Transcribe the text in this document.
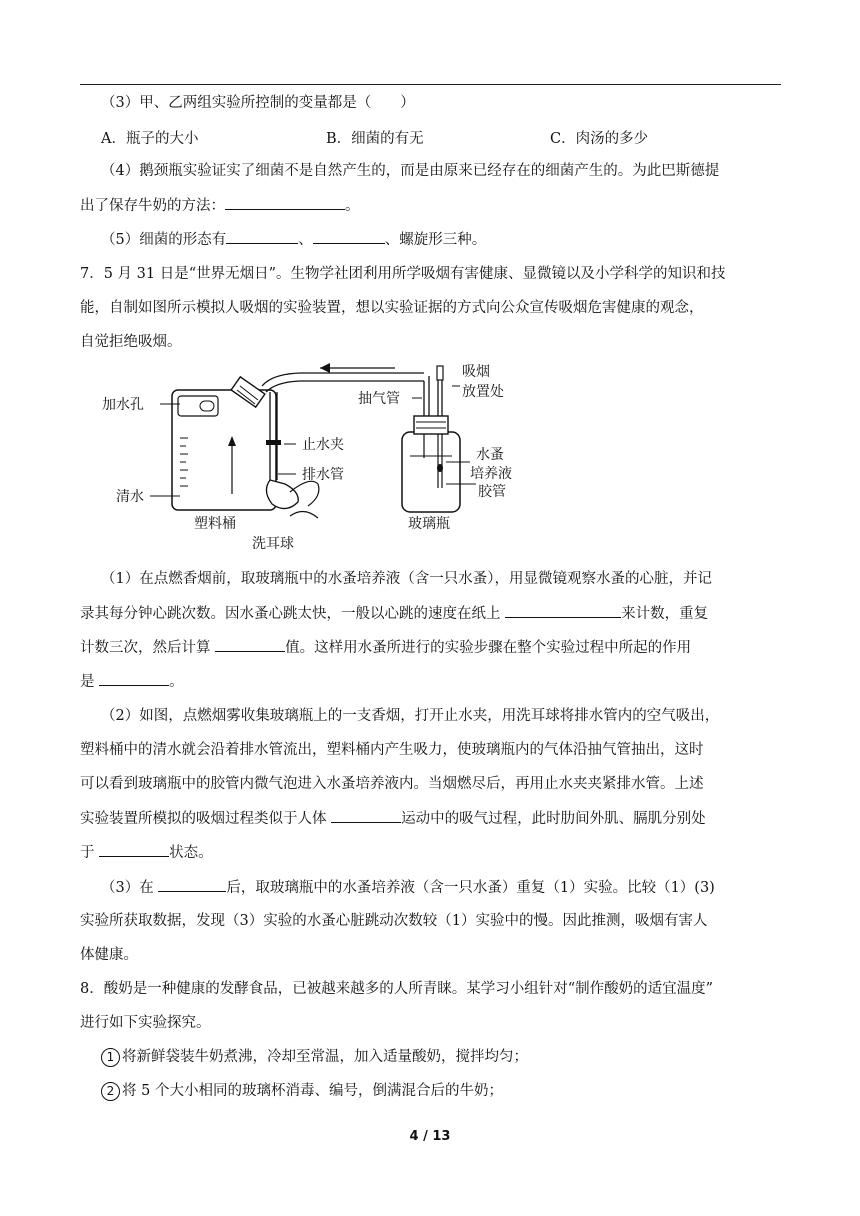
（3）甲、乙两组实验所控制的变量都是（　　）
A．瓶子的大小	B．细菌的有无	C．肉汤的多少
（4）鹅颈瓶实验证实了细菌不是自然产生的，而是由原来已经存在的细菌产生的。为此巴斯德提
出了保存牛奶的方法：	。
（5）细菌的形态有	、	、螺旋形三种。
7．5 月 31 日是“世界无烟日”。生物学社团利用所学吸烟有害健康、显微镜以及小学科学的知识和技
能，自制如图所示模拟人吸烟的实验装置，想以实验证据的方式向公众宣传吸烟危害健康的观念，
自觉拒绝吸烟。
加水孔
清水
塑料桶
止水夹
排水管
洗耳球
抽气管
吸烟
放置处
水蚤
培养液
胶管
玻璃瓶
（1）在点燃香烟前，取玻璃瓶中的水蚤培养液（含一只水蚤），用显微镜观察水蚤的心脏，并记
录其每分钟心跳次数。因水蚤心跳太快，一般以心跳的速度在纸上	来计数，重复
计数三次，然后计算	值。这样用水蚤所进行的实验步骤在整个实验过程中所起的作用
是	。
（2）如图，点燃烟雾收集玻璃瓶上的一支香烟，打开止水夹，用洗耳球将排水管内的空气吸出，
塑料桶中的清水就会沿着排水管流出，塑料桶内产生吸力，使玻璃瓶内的气体沿抽气管抽出，这时
可以看到玻璃瓶中的胶管内微气泡进入水蚤培养液内。当烟燃尽后，再用止水夹夹紧排水管。上述
实验装置所模拟的吸烟过程类似于人体	运动中的吸气过程，此时肋间外肌、膈肌分别处
于	状态。
（3）在	后，取玻璃瓶中的水蚤培养液（含一只水蚤）重复（1）实验。比较（1）(3)
实验所获取数据，发现（3）实验的水蚤心脏跳动次数较（1）实验中的慢。因此推测，吸烟有害人
体健康。
8．酸奶是一种健康的发酵食品，已被越来越多的人所青睐。某学习小组针对“制作酸奶的适宜温度”
进行如下实验探究。
1 将新鲜袋装牛奶煮沸，冷却至常温，加入适量酸奶，搅拌均匀；
2 将 5 个大小相同的玻璃杯消毒、编号，倒满混合后的牛奶；
4 / 13
